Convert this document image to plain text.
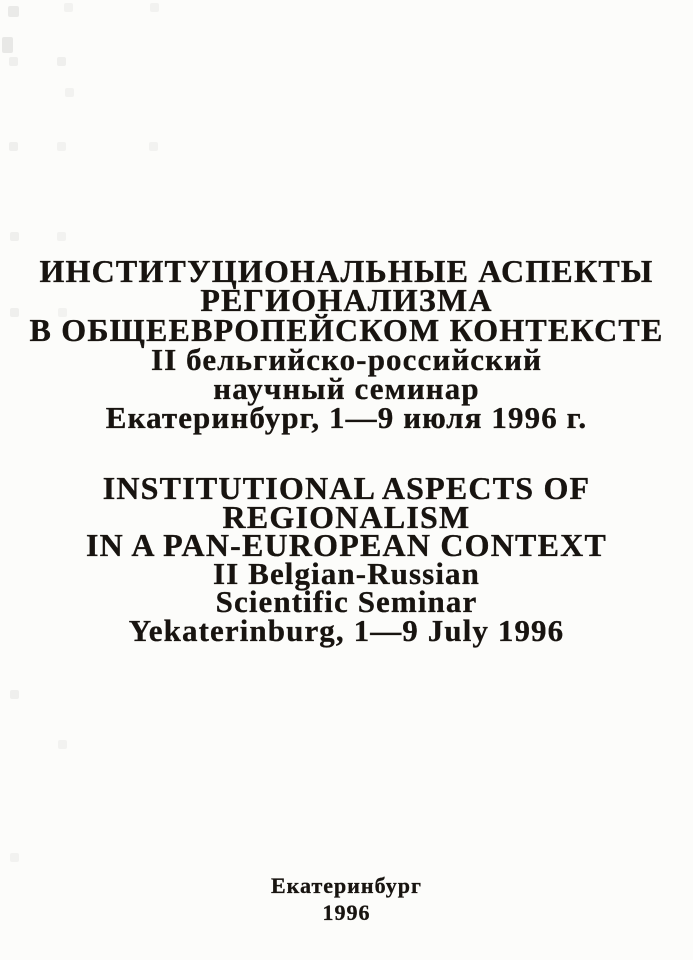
ИНСТИТУЦИОНАЛЬНЫЕ АСПЕКТЫ
РЕГИОНАЛИЗМА
В ОБЩЕЕВРОПЕЙСКОМ КОНТЕКСТЕ
II бельгийско-российский
научный семинар
Екатеринбург, 1—9 июля 1996 г.
INSTITUTIONAL ASPECTS OF
REGIONALISM
IN A PAN-EUROPEAN CONTEXT
II Belgian-Russian
Scientific Seminar
Yekaterinburg, 1—9 July 1996
Екатеринбург
1996
